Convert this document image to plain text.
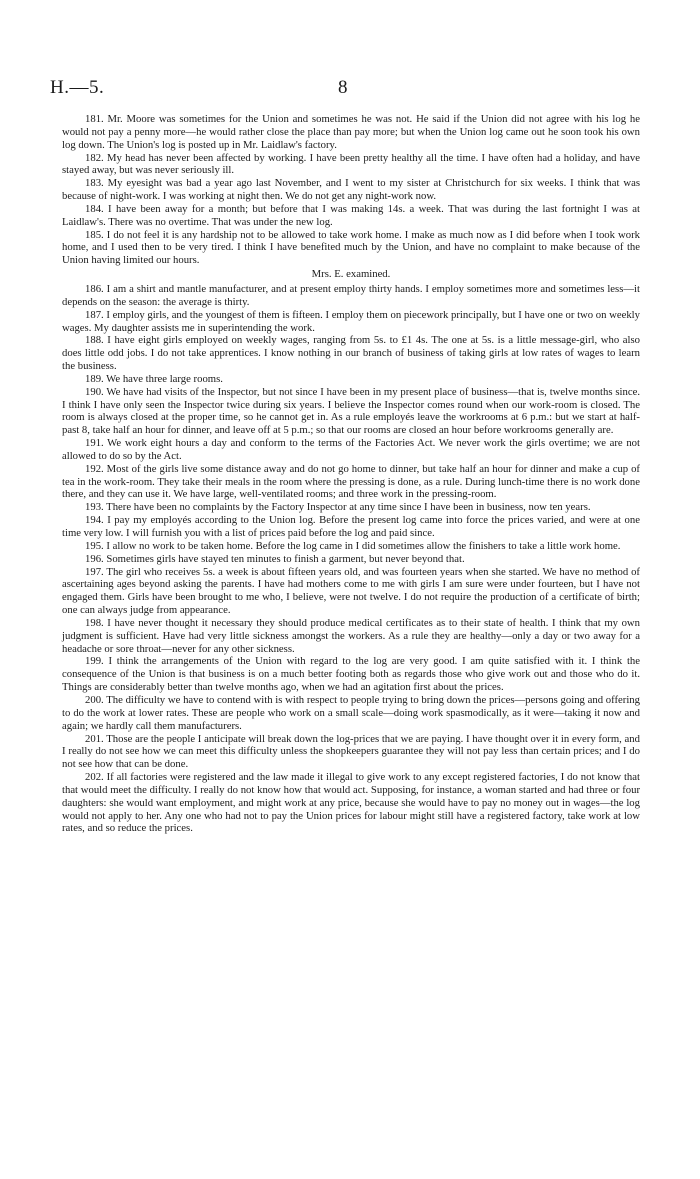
H.—5.	8

181. Mr. Moore was sometimes for the Union and sometimes he was not. He said if the Union did not agree with his log he would not pay a penny more—he would rather close the place than pay more; but when the Union log came out he soon took his own log down. The Union's log is posted up in Mr. Laidlaw's factory.

182. My head has never been affected by working. I have been pretty healthy all the time. I have often had a holiday, and have stayed away, but was never seriously ill.

183. My eyesight was bad a year ago last November, and I went to my sister at Christchurch for six weeks. I think that was because of night-work. I was working at night then. We do not get any night-work now.

184. I have been away for a month; but before that I was making 14s. a week. That was during the last fortnight I was at Laidlaw's. There was no overtime. That was under the new log.

185. I do not feel it is any hardship not to be allowed to take work home. I make as much now as I did before when I took work home, and I used then to be very tired. I think I have benefited much by the Union, and have no complaint to make because of the Union having limited our hours.

Mrs. E. examined.

186. I am a shirt and mantle manufacturer, and at present employ thirty hands. I employ sometimes more and sometimes less—it depends on the season: the average is thirty.

187. I employ girls, and the youngest of them is fifteen. I employ them on piecework principally, but I have one or two on weekly wages. My daughter assists me in superintending the work.

188. I have eight girls employed on weekly wages, ranging from 5s. to £1 4s. The one at 5s. is a little message-girl, who also does little odd jobs. I do not take apprentices. I know nothing in our branch of business of taking girls at low rates of wages to learn the business.

189. We have three large rooms.

190. We have had visits of the Inspector, but not since I have been in my present place of business—that is, twelve months since. I think I have only seen the Inspector twice during six years. I believe the Inspector comes round when our work-room is closed. The room is always closed at the proper time, so he cannot get in. As a rule employés leave the workrooms at 6 p.m.: but we start at half-past 8, take half an hour for dinner, and leave off at 5 p.m.; so that our rooms are closed an hour before workrooms generally are.

191. We work eight hours a day and conform to the terms of the Factories Act. We never work the girls overtime; we are not allowed to do so by the Act.

192. Most of the girls live some distance away and do not go home to dinner, but take half an hour for dinner and make a cup of tea in the work-room. They take their meals in the room where the pressing is done, as a rule. During lunch-time there is no work done there, and they can use it. We have large, well-ventilated rooms; and three work in the pressing-room.

193. There have been no complaints by the Factory Inspector at any time since I have been in business, now ten years.

194. I pay my employés according to the Union log. Before the present log came into force the prices varied, and were at one time very low. I will furnish you with a list of prices paid before the log and paid since.

195. I allow no work to be taken home. Before the log came in I did sometimes allow the finishers to take a little work home.

196. Sometimes girls have stayed ten minutes to finish a garment, but never beyond that.

197. The girl who receives 5s. a week is about fifteen years old, and was fourteen years when she started. We have no method of ascertaining ages beyond asking the parents. I have had mothers come to me with girls I am sure were under fourteen, but I have not engaged them. Girls have been brought to me who, I believe, were not twelve. I do not require the production of a certificate of birth; one can always judge from appearance.

198. I have never thought it necessary they should produce medical certificates as to their state of health. I think that my own judgment is sufficient. Have had very little sickness amongst the workers. As a rule they are healthy—only a day or two away for a headache or sore throat—never for any other sickness.

199. I think the arrangements of the Union with regard to the log are very good. I am quite satisfied with it. I think the consequence of the Union is that business is on a much better footing both as regards those who give work out and those who do it. Things are considerably better than twelve months ago, when we had an agitation first about the prices.

200. The difficulty we have to contend with is with respect to people trying to bring down the prices—persons going and offering to do the work at lower rates. These are people who work on a small scale—doing work spasmodically, as it were—taking it now and again; we hardly call them manufacturers.

201. Those are the people I anticipate will break down the log-prices that we are paying. I have thought over it in every form, and I really do not see how we can meet this difficulty unless the shopkeepers guarantee they will not pay less than certain prices; and I do not see how that can be done.

202. If all factories were registered and the law made it illegal to give work to any except registered factories, I do not know that that would meet the difficulty. I really do not know how that would act. Supposing, for instance, a woman started and had three or four daughters: she would want employment, and might work at any price, because she would have to pay no money out in wages—the log would not apply to her. Any one who had not to pay the Union prices for labour might still have a registered factory, take work at low rates, and so reduce the prices.
